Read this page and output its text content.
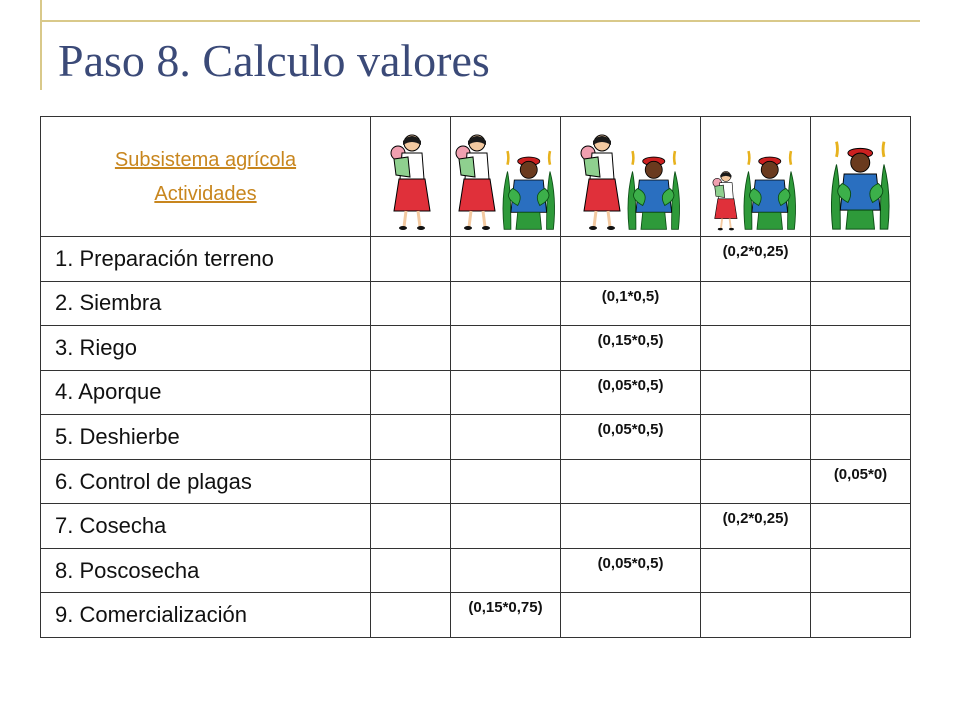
Paso 8. Calculo valores
Subsistema agrícola
Actividades

1. Preparación terreno				(0,2*0,25)	

2. Siembra			(0,1*0,5)		

3. Riego			(0,15*0,5)		

4. Aporque			(0,05*0,5)		

5. Deshierbe			(0,05*0,5)		

6. Control de plagas					(0,05*0)

7. Cosecha				(0,2*0,25)	

8. Poscosecha			(0,05*0,5)		

9. Comercialización		(0,15*0,75)			
